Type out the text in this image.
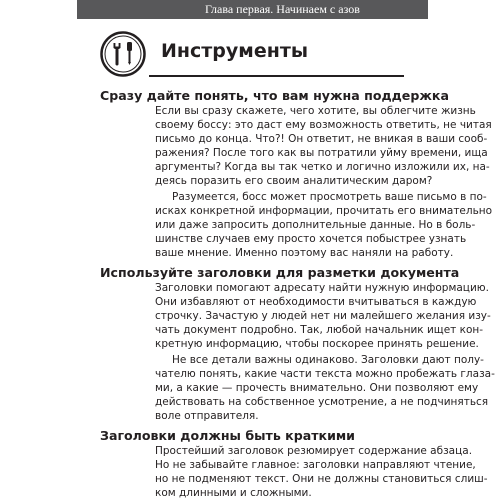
Глава первая. Начинаем с азов	21
Инструменты
Сразу дайте понять, что вам нужна поддержка
Если вы сразу скажете, чего хотите, вы облегчите жизнь
своему боссу: это даст ему возможность ответить, не читая
письмо до конца. Что?! Он ответит, не вникая в ваши сооб-
ражения? После того как вы потратили уйму времени, ища
аргументы? Когда вы так четко и логично изложили их, на-
деясь поразить его своим аналитическим даром?
Разумеется, босс может просмотреть ваше письмо в по-
исках конкретной информации, прочитать его внимательно
или даже запросить дополнительные данные. Но в боль-
шинстве случаев ему просто хочется побыстрее узнать
ваше мнение. Именно поэтому вас наняли на работу.
Используйте заголовки для разметки документа
Заголовки помогают адресату найти нужную информацию.
Они избавляют от необходимости вчитываться в каждую
строчку. Зачастую у людей нет ни малейшего желания изу-
чать документ подробно. Так, любой начальник ищет кон-
кретную информацию, чтобы поскорее принять решение.
Не все детали важны одинаково. Заголовки дают полу-
чателю понять, какие части текста можно пробежать глаза-
ми, а какие — прочесть внимательно. Они позволяют ему
действовать на собственное усмотрение, а не подчиняться
воле отправителя.
Заголовки должны быть краткими
Простейший заголовок резюмирует содержание абзаца.
Но не забывайте главное: заголовки направляют чтение,
но не подменяют текст. Они не должны становиться слиш-
ком длинными и сложными.
